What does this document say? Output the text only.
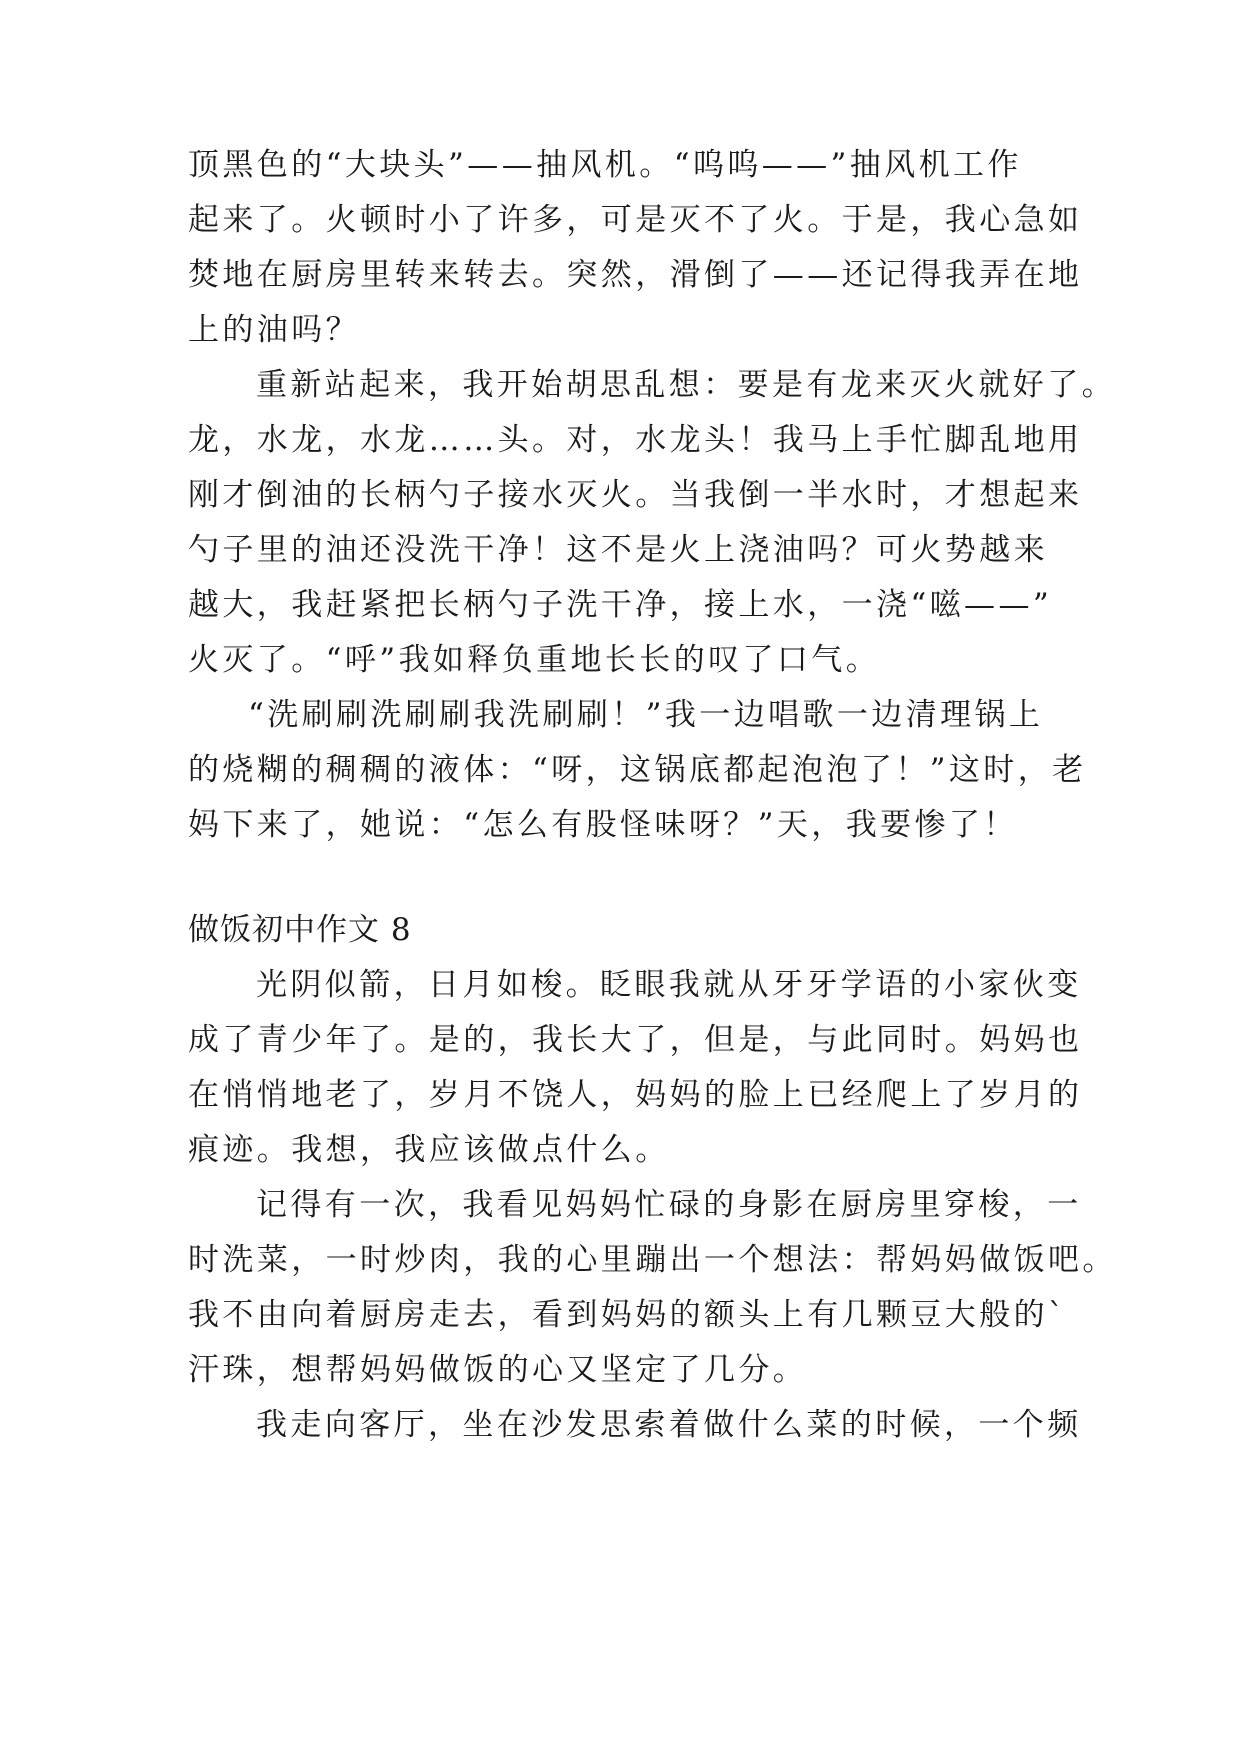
顶黑色的“大块头”——抽风机。“呜呜——”抽风机工作
起来了。火顿时小了许多，可是灭不了火。于是，我心急如
焚地在厨房里转来转去。突然，滑倒了——还记得我弄在地
上的油吗？
重新站起来，我开始胡思乱想：要是有龙来灭火就好了。
龙，水龙，水龙……头。对，水龙头！我马上手忙脚乱地用
刚才倒油的长柄勺子接水灭火。当我倒一半水时，才想起来
勺子里的油还没洗干净！这不是火上浇油吗？可火势越来
越大，我赶紧把长柄勺子洗干净，接上水，一浇“嗞——”
火灭了。“呼”我如释负重地长长的叹了口气。
“洗刷刷洗刷刷我洗刷刷！”我一边唱歌一边清理锅上
的烧糊的稠稠的液体：“呀，这锅底都起泡泡了！”这时，老
妈下来了，她说：“怎么有股怪味呀？”天，我要惨了！
做饭初中作文 8
光阴似箭，日月如梭。眨眼我就从牙牙学语的小家伙变
成了青少年了。是的，我长大了，但是，与此同时。妈妈也
在悄悄地老了，岁月不饶人，妈妈的脸上已经爬上了岁月的
痕迹。我想，我应该做点什么。
记得有一次，我看见妈妈忙碌的身影在厨房里穿梭，一
时洗菜，一时炒肉，我的心里蹦出一个想法：帮妈妈做饭吧。
我不由向着厨房走去，看到妈妈的额头上有几颗豆大般的`
汗珠，想帮妈妈做饭的心又坚定了几分。
我走向客厅，坐在沙发思索着做什么菜的时候，一个频
